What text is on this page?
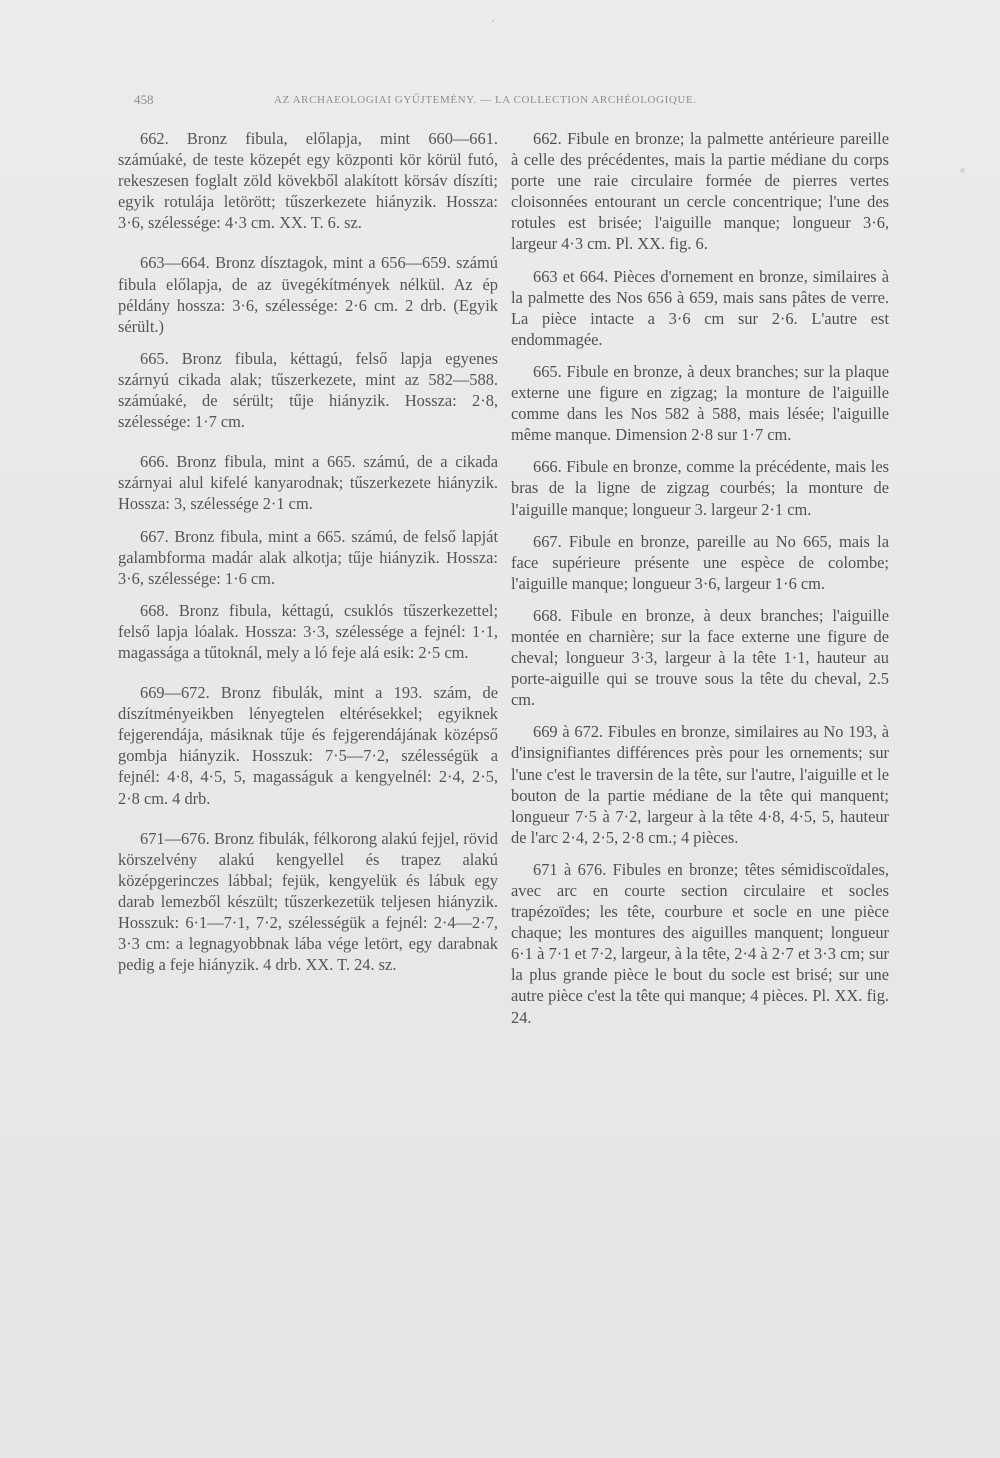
458	AZ ARCHAEOLOGIAI GYŰJTEMÉNY. — LA COLLECTION ARCHÉOLOGIQUE.

662. Bronz fibula, előlapja, mint 660—661. számúaké, de teste közepét egy központi kör körül futó, rekeszesen foglalt zöld kövekből alakított körsáv díszíti; egyik rotulája letörött; tűszerkezete hiányzik. Hossza: 3·6, szélessége: 4·3 cm. XX. T. 6. sz.

663—664. Bronz dísztagok, mint a 656—659. számú fibula előlapja, de az üvegékítmények nélkül. Az ép példány hossza: 3·6, szélessége: 2·6 cm. 2 drb. (Egyik sérült.)

665. Bronz fibula, kéttagú, felső lapja egyenes szárnyú cikada alak; tűszerkezete, mint az 582—588. számúaké, de sérült; tűje hiányzik. Hossza: 2·8, szélessége: 1·7 cm.

666. Bronz fibula, mint a 665. számú, de a cikada szárnyai alul kifelé kanyarodnak; tűszerkezete hiányzik. Hossza: 3, szélessége 2·1 cm.

667. Bronz fibula, mint a 665. számú, de felső lapját galambforma madár alak alkotja; tűje hiányzik. Hossza: 3·6, szélessége: 1·6 cm.

668. Bronz fibula, kéttagú, csuklós tűszerkezettel; felső lapja lóalak. Hossza: 3·3, szélessége a fejnél: 1·1, magassága a tűtoknál, mely a ló feje alá esik: 2·5 cm.

669—672. Bronz fibulák, mint a 193. szám, de díszítményeikben lényegtelen eltérésekkel; egyiknek fejgerendája, másiknak tűje és fejgerendájának középső gombja hiányzik. Hosszuk: 7·5—7·2, szélességük a fejnél: 4·8, 4·5, 5, magasságuk a kengyelnél: 2·4, 2·5, 2·8 cm. 4 drb.

671—676. Bronz fibulák, félkorong alakú fejjel, rövid körszelvény alakú kengyellel és trapez alakú középgerinczes lábbal; fejük, kengyelük és lábuk egy darab lemezből készült; tűszerkezetük teljesen hiányzik. Hosszuk: 6·1—7·1, 7·2, szélességük a fejnél: 2·4—2·7, 3·3 cm: a legnagyobbnak lába vége letört, egy darabnak pedig a feje hiányzik. 4 drb. XX. T. 24. sz.

662. Fibule en bronze; la palmette antérieure pareille à celle des précédentes, mais la partie médiane du corps porte une raie circulaire formée de pierres vertes cloisonnées entourant un cercle concentrique; l'une des rotules est brisée; l'aiguille manque; longueur 3·6, largeur 4·3 cm. Pl. XX. fig. 6.

663 et 664. Pièces d'ornement en bronze, similaires à la palmette des Nos 656 à 659, mais sans pâtes de verre. La pièce intacte a 3·6 cm sur 2·6. L'autre est endommagée.

665. Fibule en bronze, à deux branches; sur la plaque externe une figure en zigzag; la monture de l'aiguille comme dans les Nos 582 à 588, mais lésée; l'aiguille même manque. Dimension 2·8 sur 1·7 cm.

666. Fibule en bronze, comme la précédente, mais les bras de la ligne de zigzag courbés; la monture de l'aiguille manque; longueur 3. largeur 2·1 cm.

667. Fibule en bronze, pareille au No 665, mais la face supérieure présente une espèce de colombe; l'aiguille manque; longueur 3·6, largeur 1·6 cm.

668. Fibule en bronze, à deux branches; l'aiguille montée en charnière; sur la face externe une figure de cheval; longueur 3·3, largeur à la tête 1·1, hauteur au porte-aiguille qui se trouve sous la tête du cheval, 2.5 cm.

669 à 672. Fibules en bronze, similaires au No 193, à d'insignifiantes différences près pour les ornements; sur l'une c'est le traversin de la tête, sur l'autre, l'aiguille et le bouton de la partie médiane de la tête qui manquent; longueur 7·5 à 7·2, largeur à la tête 4·8, 4·5, 5, hauteur de l'arc 2·4, 2·5, 2·8 cm.; 4 pièces.

671 à 676. Fibules en bronze; têtes sémidiscoïdales, avec arc en courte section circulaire et socles trapézoïdes; les tête, courbure et socle en une pièce chaque; les montures des aiguilles manquent; longueur 6·1 à 7·1 et 7·2, largeur, à la tête, 2·4 à 2·7 et 3·3 cm; sur la plus grande pièce le bout du socle est brisé; sur une autre pièce c'est la tête qui manque; 4 pièces. Pl. XX. fig. 24.
